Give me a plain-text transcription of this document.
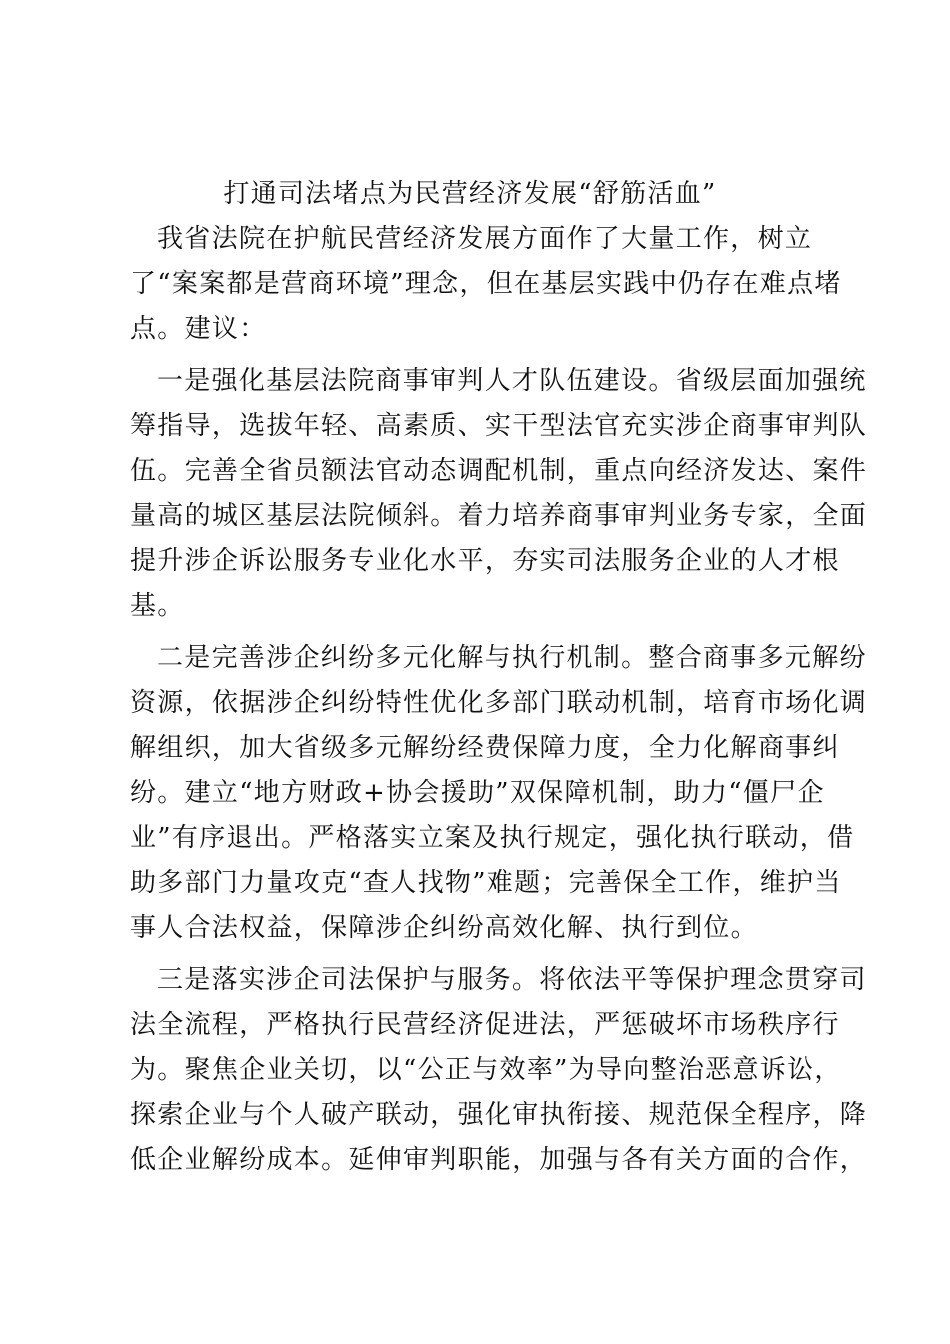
打通司法堵点为民营经济发展“舒筋活血”
我省法院在护航民营经济发展方面作了大量工作，树立
了“案案都是营商环境”理念，但在基层实践中仍存在难点堵
点。建议：
一是强化基层法院商事审判人才队伍建设。省级层面加强统
筹指导，选拔年轻、高素质、实干型法官充实涉企商事审判队
伍。完善全省员额法官动态调配机制，重点向经济发达、案件
量高的城区基层法院倾斜。着力培养商事审判业务专家，全面
提升涉企诉讼服务专业化水平，夯实司法服务企业的人才根
基。
二是完善涉企纠纷多元化解与执行机制。整合商事多元解纷
资源，依据涉企纠纷特性优化多部门联动机制，培育市场化调
解组织，加大省级多元解纷经费保障力度，全力化解商事纠
纷。建立“地方财政+协会援助”双保障机制，助力“僵尸企
业”有序退出。严格落实立案及执行规定，强化执行联动，借
助多部门力量攻克“查人找物”难题；完善保全工作，维护当
事人合法权益，保障涉企纠纷高效化解、执行到位。
三是落实涉企司法保护与服务。将依法平等保护理念贯穿司
法全流程，严格执行民营经济促进法，严惩破坏市场秩序行
为。聚焦企业关切，以“公正与效率”为导向整治恶意诉讼，
探索企业与个人破产联动，强化审执衔接、规范保全程序，降
低企业解纷成本。延伸审判职能，加强与各有关方面的合作，
